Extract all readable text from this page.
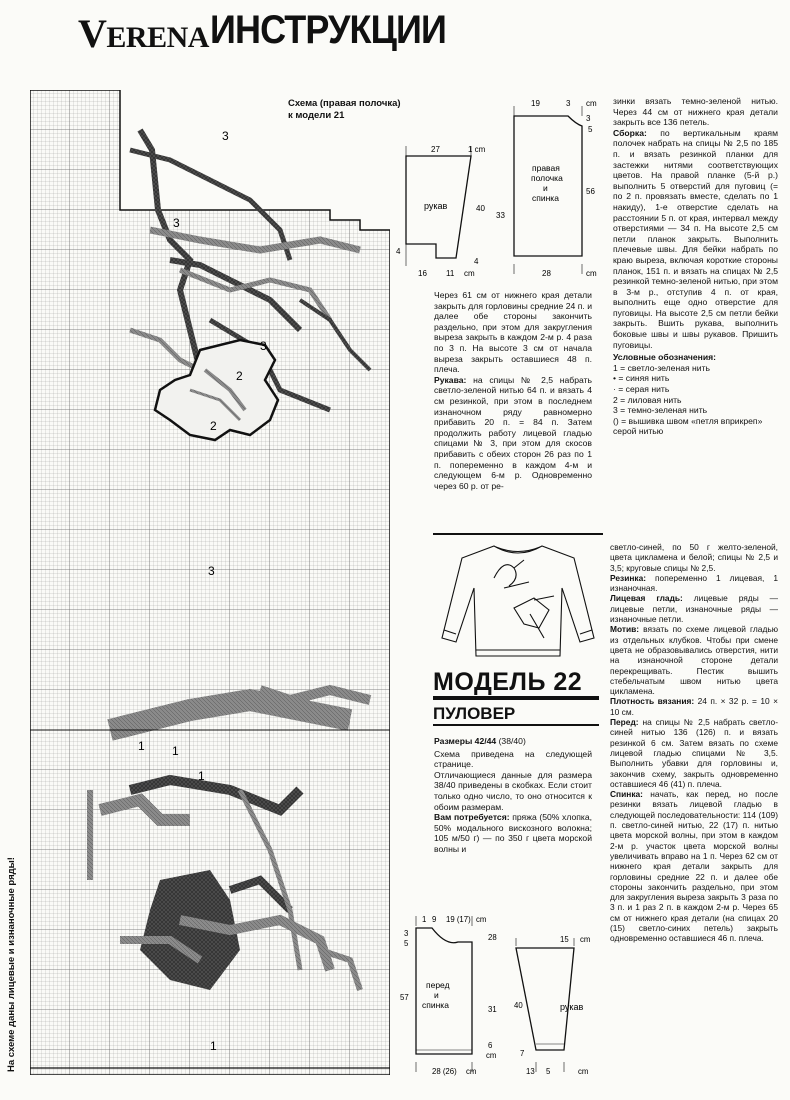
VERENA ИНСТРУКЦИИ
3
3
3
2
2
1
1
1
1
3
Схема (правая полочка)
к модели 21
На схеме даны лицевые и изнаночные ряды!
рукав
правая
полочка
и
спинка
27	1 cm
40
4
4
16 11 cm
19	3 cm
3
5
56
33
28	cm

Через 61 см от нижнего края детали закрыть для горловины средние 24 п. и далее обе стороны закончить раздельно, при этом для закругления выреза закрыть в каждом 2-м р. 4 раза по 3 п. На высоте 3 см от начала выреза закрыть оставшиеся 48 п. плеча.

Рукава: на спицы № 2,5 набрать светло-зеленой нитью 64 п. и вязать 4 см резинкой, при этом в последнем изнаночном ряду равномерно прибавить 20 п. = 84 п. Затем продолжить работу лицевой гладью спицами № 3, при этом для скосов прибавить с обеих сторон 26 раз по 1 п. попеременно в каждом 4-м и следующем 6-м р. Одновременно через 60 р. от ре-

зинки вязать темно-зеленой нитью. Через 44 см от нижнего края детали закрыть все 136 петель.

Сборка: по вертикальным краям полочек набрать на спицы № 2,5 по 185 п. и вязать резинкой планки для застежки нитями соответствующих цветов. На правой планке (5-й р.) выполнить 5 отверстий для пуговиц (= по 2 п. провязать вместе, сделать по 1 накиду), 1-е отверстие сделать на расстоянии 5 п. от края, интервал между отверстиями — 34 п. На высоте 2,5 см петли планок закрыть. Выполнить плечевые швы. Для бейки набрать по краю выреза, включая короткие стороны планок, 151 п. и вязать на спицах № 2,5 резинкой темно-зеленой нитью, при этом в 3-м р., отступив 4 п. от края, выполнить еще одно отверстие для пуговицы. На высоте 2,5 см петли бейки закрыть. Вшить рукава, выполнить боковые швы и швы рукавов. Пришить пуговицы.

Условные обозначения:
1 = светло-зеленая нить
• = синяя нить
· = серая нить
2 = лиловая нить
3 = темно-зеленая нить
() = вышивка швом «петля вприкреп» серой нитью
МОДЕЛЬ 22
ПУЛОВЕР

Размеры 42/44 (38/40)

Схема приведена на следующей странице.

Отличающиеся данные для размера 38/40 приведены в скобках. Если стоит только одно число, то оно относится к обоим размерам.

Вам потребуется: пряжа (50% хлопка, 50% модального вискозного волокна; 105 м/50 г) — по 350 г цвета морской волны и

светло-синей, по 50 г желто-зеленой, цвета цикламена и белой; спицы № 2,5 и 3,5; круговые спицы № 2,5.

Резинка: попеременно 1 лицевая, 1 изнаночная.

Лицевая гладь: лицевые ряды — лицевые петли, изнаночные ряды — изнаночные петли.

Мотив: вязать по схеме лицевой гладью из отдельных клубков. Чтобы при смене цвета не образовывались отверстия, нити на изнаночной стороне детали перекрещивать. Пестик вышить стебельчатым швом нитью цвета цикламена.

Плотность вязания: 24 п. × 32 р. = 10 × 10 см.

Перед: на спицы № 2,5 набрать светло-синей нитью 136 (126) п. и вязать резинкой 6 см. Затем вязать по схеме лицевой гладью спицами № 3,5. Выполнить убавки для горловины и, закончив схему, закрыть одновременно оставшиеся 46 (41) п. плеча.

Спинка: начать, как перед, но после резинки вязать лицевой гладью в следующей последовательности: 114 (109) п. светло-синей нитью, 22 (17) п. нитью цвета морской волны, при этом в каждом 2-м р. участок цвета морской волны увеличивать вправо на 1 п. Через 62 см от нижнего края детали закрыть для горловины средние 22 п. и далее обе стороны закончить раздельно, при этом для закругления выреза закрыть 3 раза по 3 п. и 1 раз 2 п. в каждом 2-м р. Через 65 см от нижнего края детали (на спицах 20 (15) светло-синих петель) закрыть одновременно оставшиеся 46 п. плеча.

перед
и
спинка	рукав
1 9 19 (17) cm
3
5
28
57
31
6
cm
28 (26) cm
40
7
13 5
15 cm
cm
